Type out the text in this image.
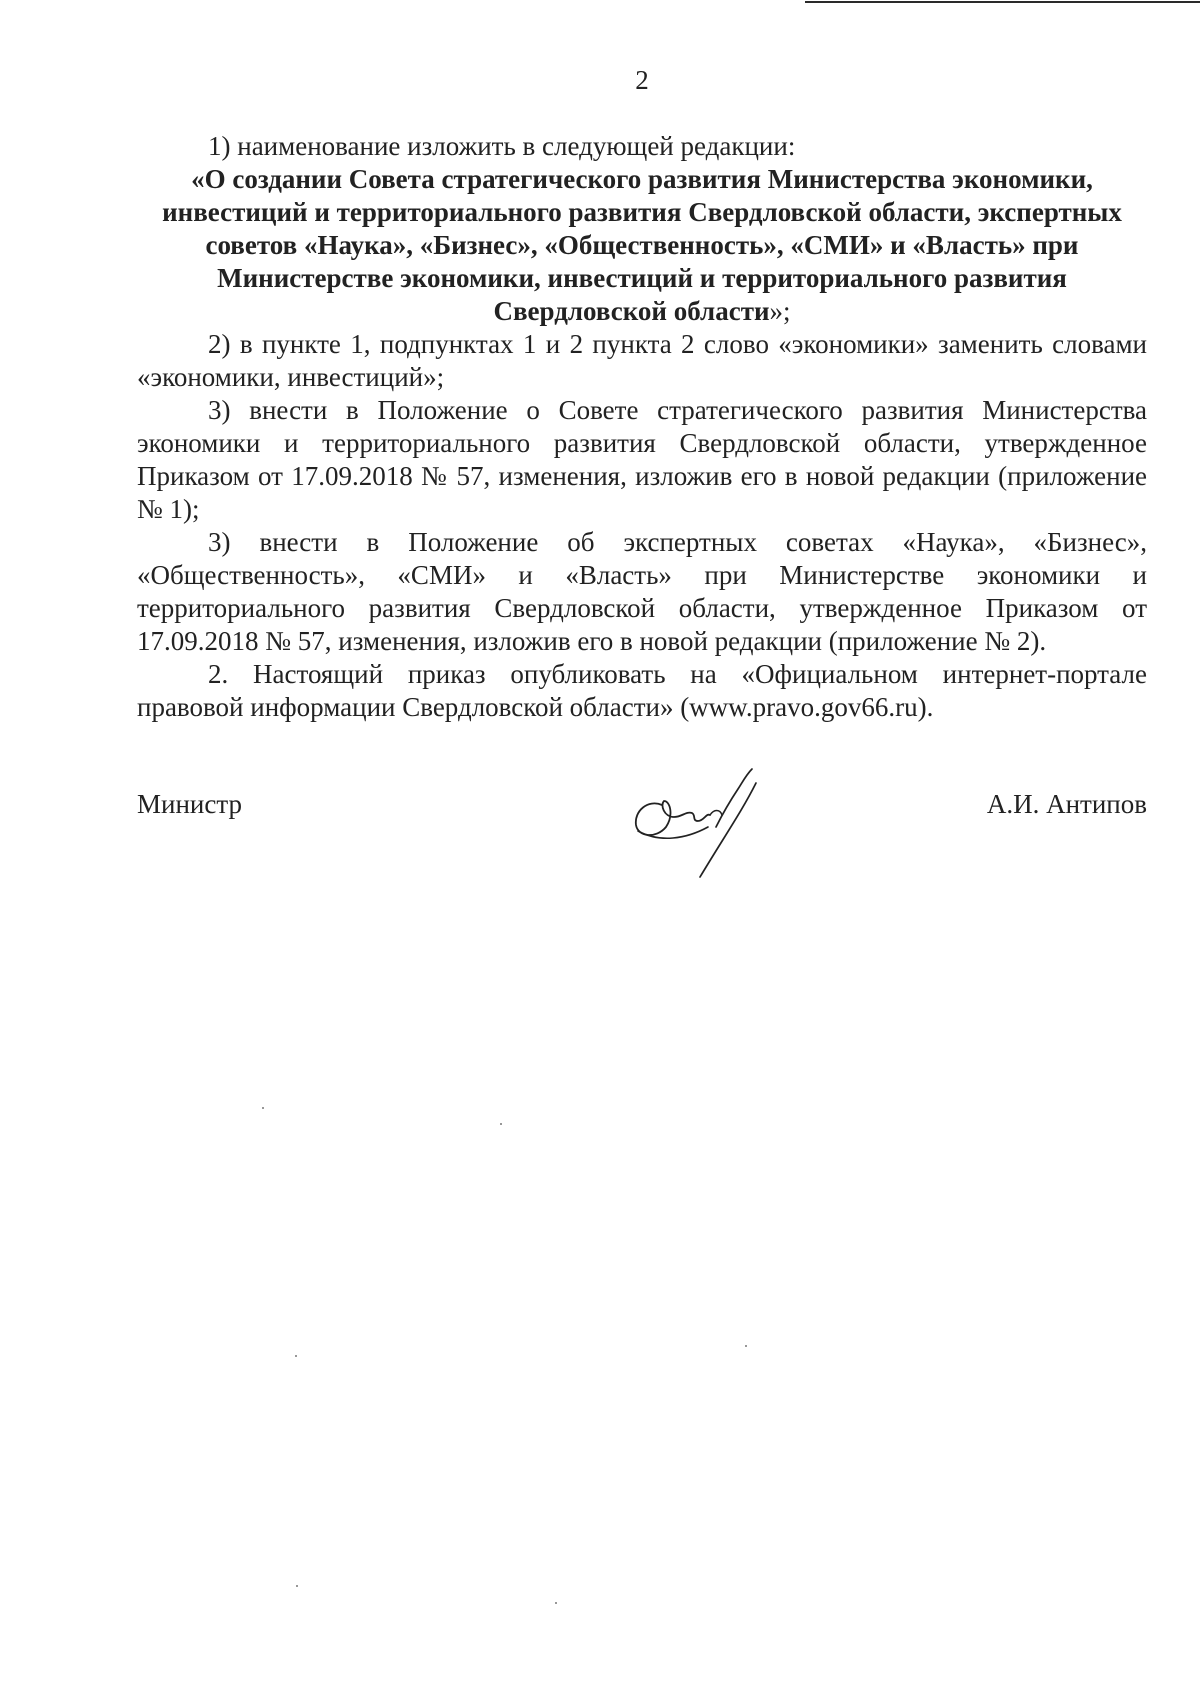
2

1) наименование изложить в следующей редакции:

«О создании Совета стратегического развития Министерства экономики, инвестиций и территориального развития Свердловской области, экспертных советов «Наука», «Бизнес», «Общественность», «СМИ» и «Власть» при Министерстве экономики, инвестиций и территориального развития Свердловской области»;

2) в пункте 1, подпунктах 1 и 2 пункта 2 слово «экономики» заменить словами «экономики, инвестиций»;

3) внести в Положение о Совете стратегического развития Министерства экономики и территориального развития Свердловской области, утвержденное Приказом от 17.09.2018 № 57, изменения, изложив его в новой редакции (приложение № 1);

3) внести в Положение об экспертных советах «Наука», «Бизнес», «Общественность», «СМИ» и «Власть» при Министерстве экономики и территориального развития Свердловской области, утвержденное Приказом от 17.09.2018 № 57, изменения, изложив его в новой редакции (приложение № 2).

2. Настоящий приказ опубликовать на «Официальном интернет-портале правовой информации Свердловской области» (www.pravo.gov66.ru).

Министр	А.И. Антипов
